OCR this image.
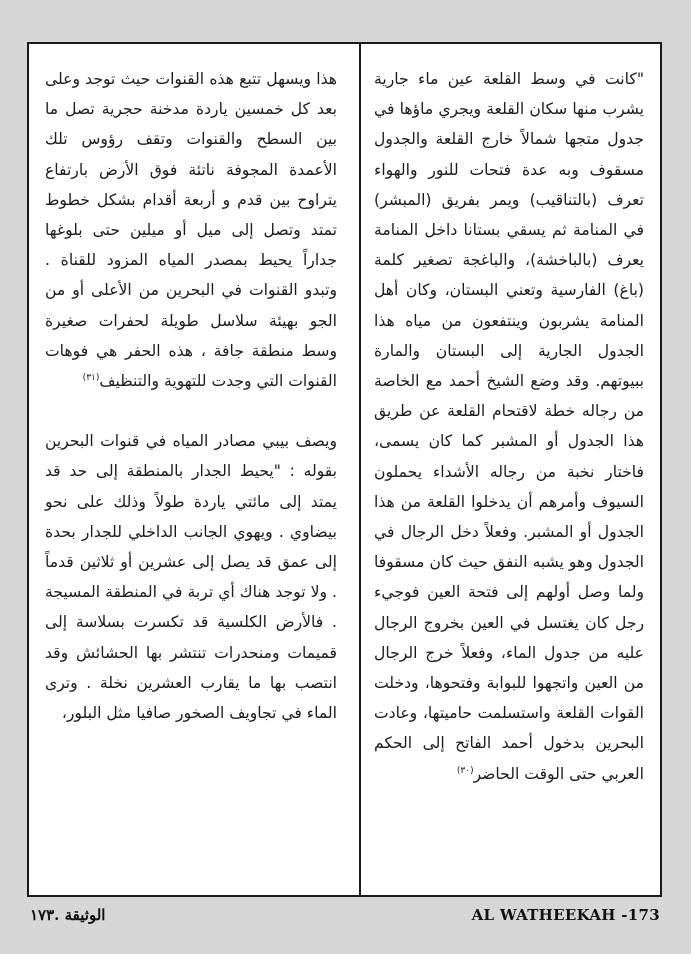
"كانت في وسط القلعة عين ماء جارية يشرب منها سكان القلعة ويجري ماؤها في جدول متجها شمالاً خارج القلعة والجدول مسقوف وبه عدة فتحات للنور والهواء تعرف (بالتناقيب) ويمر بفريق (المبشر) في المنامة ثم يسقي بستانا داخل المنامة يعرف (بالباخشة)، والباغجة تصغير كلمة (باغ) الفارسية وتعني البستان، وكان أهل المنامة يشربون وينتفعون من مياه هذا الجدول الجارية إلى البستان والمارة ببيوتهم. وقد وضع الشيخ أحمد مع الخاصة من رجاله خطة لاقتحام القلعة عن طريق هذا الجدول أو المشبر كما كان يسمى، فاختار نخبة من رجاله الأشداء يحملون السيوف وأمرهم أن يدخلوا القلعة من هذا الجدول أو المشبر. وفعلاً دخل الرجال في الجدول وهو يشبه النفق حيث كان مسقوفا ولما وصل أولهم إلى فتحة العين فوجيء رجل كان يغتسل في العين بخروج الرجال عليه من جدول الماء، وفعلاً خرج الرجال من العين واتجهوا للبوابة وفتحوها، ودخلت القوات القلعة واستسلمت حاميتها، وعادت البحرين بدخول أحمد الفاتح إلى الحكم العربي حتى الوقت الحاضر$^{(٣٠)}$

هذا ويسهل تتبع هذه القنوات حيث توجد وعلى بعد كل خمسين ياردة مدخنة حجرية تصل ما بين السطح والقنوات وتقف رؤوس تلك الأعمدة المجوفة ناتئة فوق الأرض بارتفاع يتراوح بين قدم و أربعة أقدام بشكل خطوط تمتد وتصل إلى ميل أو ميلين حتى بلوغها جداراً يحيط بمصدر المياه المزود للقناة . وتبدو القنوات في البحرين من الأعلى أو من الجو بهيئة سلاسل طويلة لحفرات صغيرة وسط منطقة جافة ، هذه الحفر هي فوهات القنوات التي وجدت للتهوية والتنظيف$^{(٣١)}$

ويصف بيبي مصادر المياه في قنوات البحرين بقوله : "يحيط الجدار بالمنطقة إلى حد قد يمتد إلى مائتي ياردة طولاً وذلك على نحو بيضاوي . ويهوي الجانب الداخلي للجدار بحدة إلى عمق قد يصل إلى عشرين أو ثلاثين قدماً . ولا توجد هناك أي تربة في المنطقة المسيجة . فالأرض الكلسية قد تكسرت بسلاسة إلى قميمات ومنحدرات تنتشر بها الحشائش وقد انتصب بها ما يقارب العشرين نخلة . وترى الماء في تجاويف الصخور صافيا مثل البلور،

الوثيقة .١٧٣	AL WATHEEKAH -173
